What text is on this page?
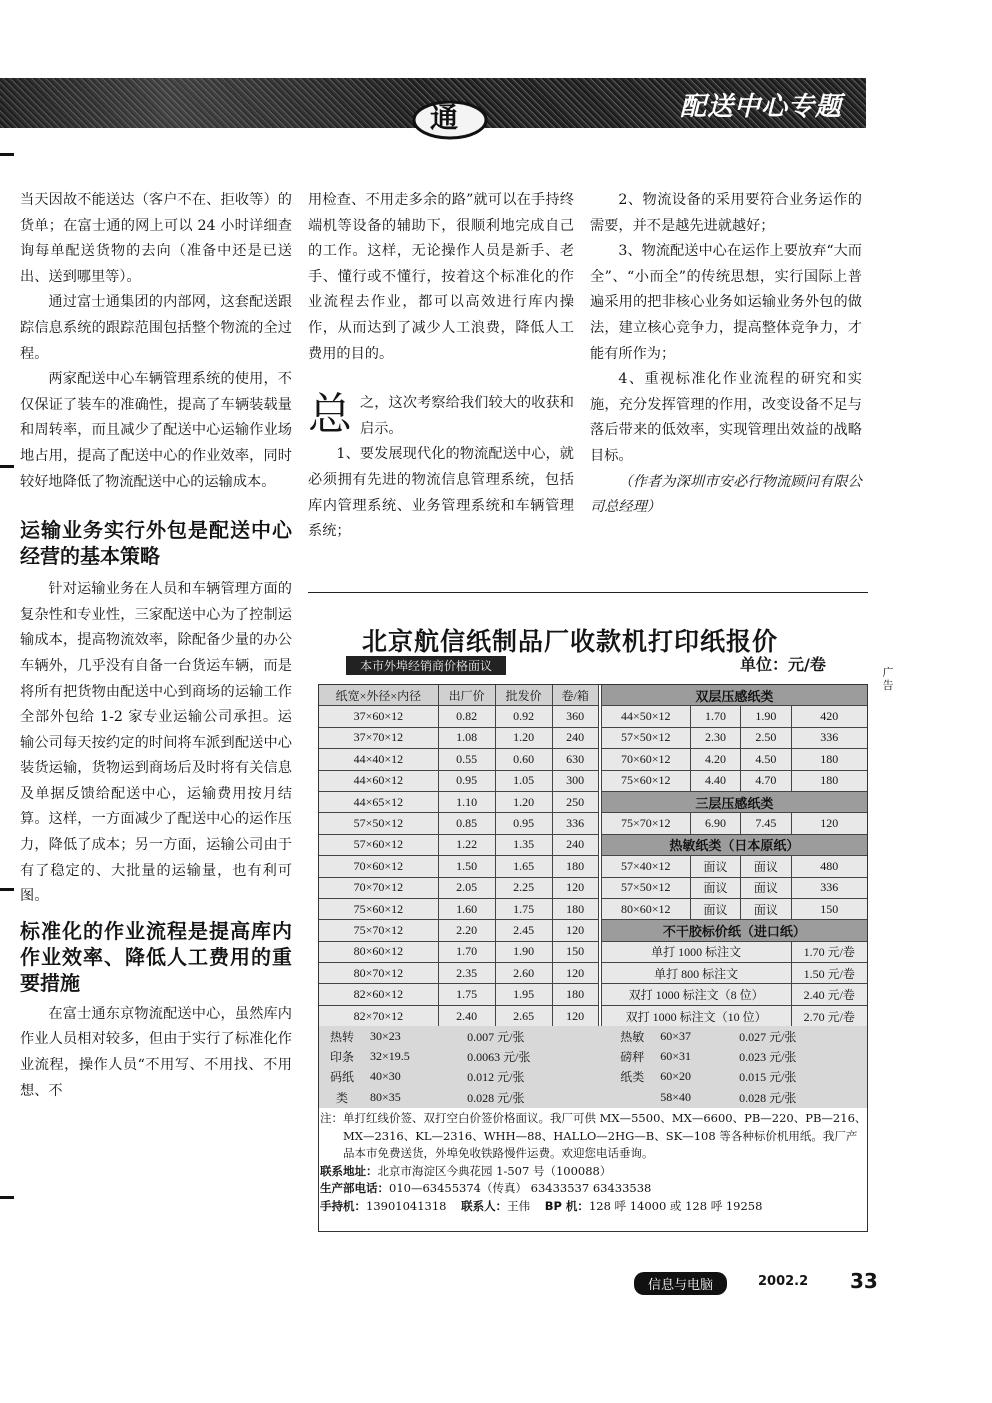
通	配送中心专题

当天因故不能送达（客户不在、拒收等）的货单；在富士通的网上可以 24 小时详细查询每单配送货物的去向（准备中还是已送出、送到哪里等）。

通过富士通集团的内部网，这套配送跟踪信息系统的跟踪范围包括整个物流的全过程。

两家配送中心车辆管理系统的使用，不仅保证了装车的准确性，提高了车辆装载量和周转率，而且减少了配送中心运输作业场地占用，提高了配送中心的作业效率，同时较好地降低了物流配送中心的运输成本。

运输业务实行外包是配送中心经营的基本策略

针对运输业务在人员和车辆管理方面的复杂性和专业性，三家配送中心为了控制运输成本，提高物流效率，除配备少量的办公车辆外，几乎没有自备一台货运车辆，而是将所有把货物由配送中心到商场的运输工作全部外包给 1-2 家专业运输公司承担。运输公司每天按约定的时间将车派到配送中心装货运输，货物运到商场后及时将有关信息及单据反馈给配送中心，运输费用按月结算。这样，一方面减少了配送中心的运作压力，降低了成本；另一方面，运输公司由于有了稳定的、大批量的运输量，也有利可图。

标准化的作业流程是提高库内作业效率、降低人工费用的重要措施

在富士通东京物流配送中心，虽然库内作业人员相对较多，但由于实行了标准化作业流程，操作人员“不用写、不用找、不用想、不

用检查、不用走多余的路”就可以在手持终端机等设备的辅助下，很顺利地完成自己的工作。这样，无论操作人员是新手、老手、懂行或不懂行，按着这个标准化的作业流程去作业，都可以高效进行库内操作，从而达到了减少人工浪费，降低人工费用的目的。

总之，这次考察给我们较大的收获和启示。

1、要发展现代化的物流配送中心，就必须拥有先进的物流信息管理系统，包括库内管理系统、业务管理系统和车辆管理系统；

2、物流设备的采用要符合业务运作的需要，并不是越先进就越好；

3、物流配送中心在运作上要放弃“大而全”、“小而全”的传统思想，实行国际上普遍采用的把非核心业务如运输业务外包的做法，建立核心竞争力，提高整体竞争力，才能有所作为；

4、重视标准化作业流程的研究和实施，充分发挥管理的作用，改变设备不足与落后带来的低效率，实现管理出效益的战略目标。

（作者为深圳市安必行物流顾问有限公司总经理）

北京航信纸制品厂收款机打印纸报价
本市外埠经销商价格面议	单位：元/卷	广告
纸宽×外径×内径	出厂价	批发价	卷/箱		双层压感纸类			
37×60×12	0.82	0.92	360		44×50×12	1.70	1.90	420
37×70×12	1.08	1.20	240		57×50×12	2.30	2.50	336
44×40×12	0.55	0.60	630		70×60×12	4.20	4.50	180
44×60×12	0.95	1.05	300		75×60×12	4.40	4.70	180
44×65×12	1.10	1.20	250		三层压感纸类			
57×50×12	0.85	0.95	336		75×70×12	6.90	7.45	120
57×60×12	1.22	1.35	240		热敏纸类（日本原纸）			
70×60×12	1.50	1.65	180		57×40×12	面议	面议	480
70×70×12	2.05	2.25	120		57×50×12	面议	面议	336
75×60×12	1.60	1.75	180		80×60×12	面议	面议	150
75×70×12	2.20	2.45	120		不干胶标价纸（进口纸）			
80×60×12	1.70	1.90	150		单打 1000 标注文			1.70 元/卷
80×70×12	2.35	2.60	120		单打 800 标注文			1.50 元/卷
82×60×12	1.75	1.95	180		双打 1000 标注文（8 位）			2.40 元/卷
82×70×12	2.40	2.65	120		双打 1000 标注文（10 位）			2.70 元/卷
热转	30×23	0.007 元/张	热敏	60×37	0.027 元/张
印条	32×19.5	0.0063 元/张	磅秤	60×31	0.023 元/张
码纸	40×30	0.012 元/张	纸类	60×20	0.015 元/张
类	80×35	0.028 元/张		58×40	0.028 元/张

注：单打红线价签、双打空白价签价格面议。我厂可供 MX—5500、MX—6600、PB—220、PB—216、MX—2316、KL—2316、WHH—88、HALLO—2HG—B、SK—108 等各种标价机用纸。我厂产品本市免费送货，外埠免收铁路慢件运费。欢迎您电话垂询。

联系地址：北京市海淀区今典花园 1-507 号（100088）

生产部电话：010—63455374（传真） 63433537 63433538

手持机：13901041318 联系人：王伟 BP 机：128 呼 14000 或 128 呼 19258

信息与电脑	2002.2 33
